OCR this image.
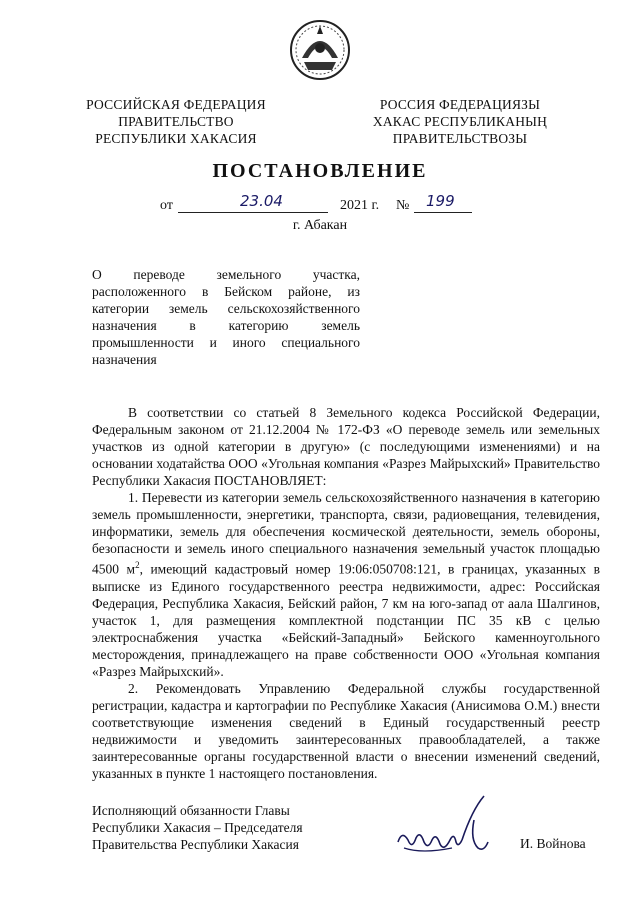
РОССИЙСКАЯ ФЕДЕРАЦИЯ
ПРАВИТЕЛЬСТВО
РЕСПУБЛИКИ ХАКАСИЯ
РОССИЯ ФЕДЕРАЦИЯЗЫ
ХАКАС РЕСПУБЛИКАНЫҢ
ПРАВИТЕЛЬСТВОЗЫ
ПОСТАНОВЛЕНИЕ
от	23.04	2021 г. № 199
г. Абакан
О переводе земельного участка,
расположенного в Бейском районе, из
категории земель сельскохозяйственного
назначения в категорию земель
промышленности и иного специального
назначения

В соответствии со статьей 8 Земельного кодекса Российской Федерации, Федеральным законом от 21.12.2004 № 172-ФЗ «О переводе земель или земельных участков из одной категории в другую» (с последующими изменениями) и на основании ходатайства ООО «Угольная компания «Разрез Майрыхский» Правительство Республики Хакасия ПОСТАНОВЛЯЕТ:

1. Перевести из категории земель сельскохозяйственного назначения в категорию земель промышленности, энергетики, транспорта, связи, радиовещания, телевидения, информатики, земель для обеспечения космической деятельности, земель обороны, безопасности и земель иного специального назначения земельный участок площадью 4500 $м^2$, имеющий кадастровый номер 19:06:050708:121, в границах, указанных в выписке из Единого государственного реестра недвижимости, адрес: Российская Федерация, Республика Хакасия, Бейский район, 7 км на юго-запад от аала Шалгинов, участок 1, для размещения комплектной подстанции ПС 35 кВ с целью электроснабжения участка «Бейский-Западный» Бейского каменноугольного месторождения, принадлежащего на праве собственности ООО «Угольная компания «Разрез Майрыхский».

2. Рекомендовать Управлению Федеральной службы государственной регистрации, кадастра и картографии по Республике Хакасия (Анисимова О.М.) внести соответствующие изменения сведений в Единый государственный реестр недвижимости и уведомить заинтересованных правообладателей, а также заинтересованные органы государственной власти о внесении изменений сведений, указанных в пункте 1 настоящего постановления.

Исполняющий обязанности Главы
Республики Хакасия – Председателя
Правительства Республики Хакасия	И. Войнова
